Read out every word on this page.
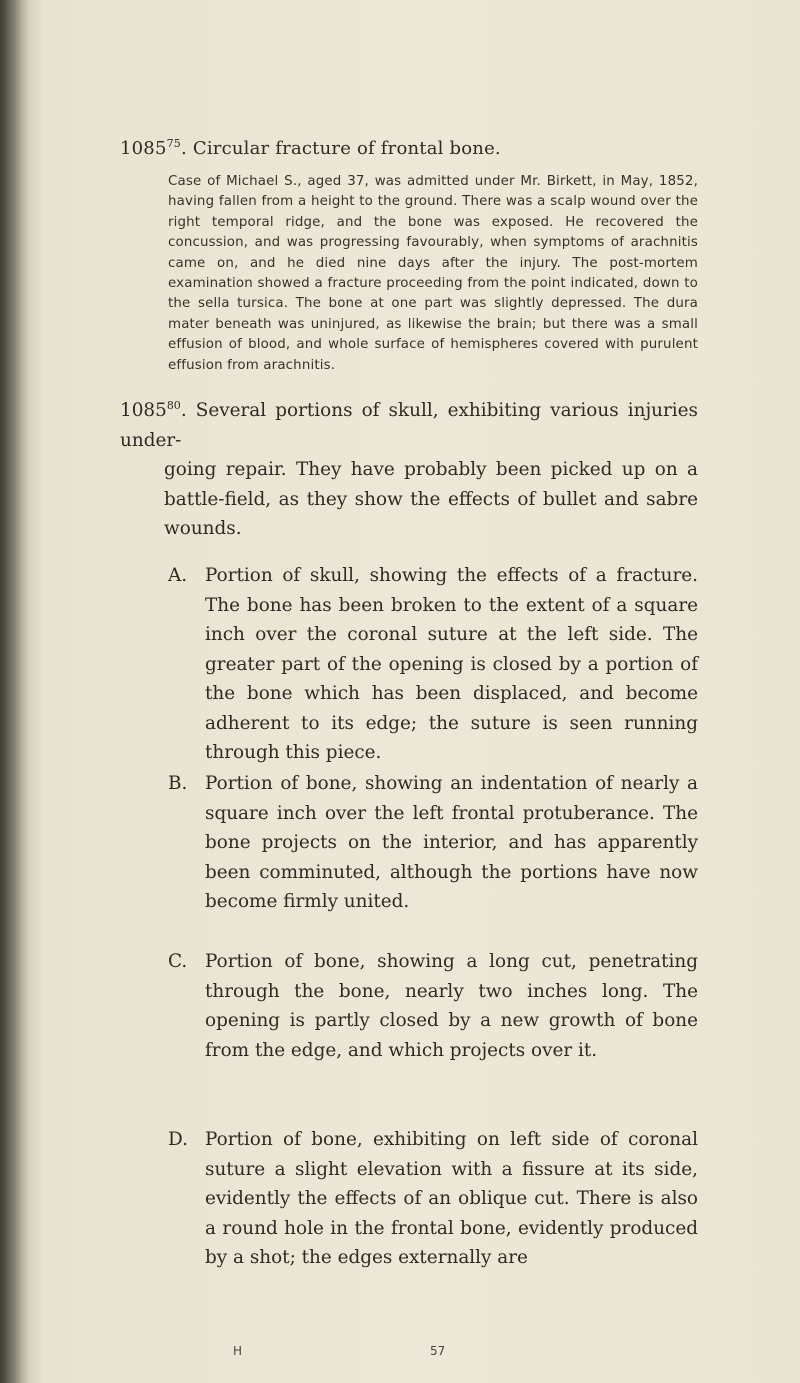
1085$^{75}$. Circular fracture of frontal bone.
Case of Michael S., aged 37, was admitted under Mr. Birkett, in May, 1852, having fallen from a height to the ground. There was a scalp wound over the right temporal ridge, and the bone was exposed. He recovered the concussion, and was progressing favourably, when symptoms of arachnitis came on, and he died nine days after the injury. The post-mortem examination showed a fracture proceeding from the point indicated, down to the sella tursica. The bone at one part was slightly depressed. The dura mater beneath was uninjured, as likewise the brain; but there was a small effusion of blood, and whole surface of hemispheres covered with purulent effusion from arachnitis.
1085$^{80}$. Several portions of skull, exhibiting various injuries under-
going repair. They have probably been picked up on a battle-field, as they show the effects of bullet and sabre wounds.
A. Portion of skull, showing the effects of a fracture. The bone has been broken to the extent of a square inch over the coronal suture at the left side. The greater part of the opening is closed by a portion of the bone which has been displaced, and become adherent to its edge; the suture is seen running through this piece.
B. Portion of bone, showing an indentation of nearly a square inch over the left frontal protuberance. The bone projects on the interior, and has apparently been comminuted, although the portions have now become firmly united.
C. Portion of bone, showing a long cut, penetrating through the bone, nearly two inches long. The opening is partly closed by a new growth of bone from the edge, and which projects over it.
D. Portion of bone, exhibiting on left side of coronal suture a slight elevation with a fissure at its side, evidently the effects of an oblique cut. There is also a round hole in the frontal bone, evidently produced by a shot; the edges externally are
H	57
